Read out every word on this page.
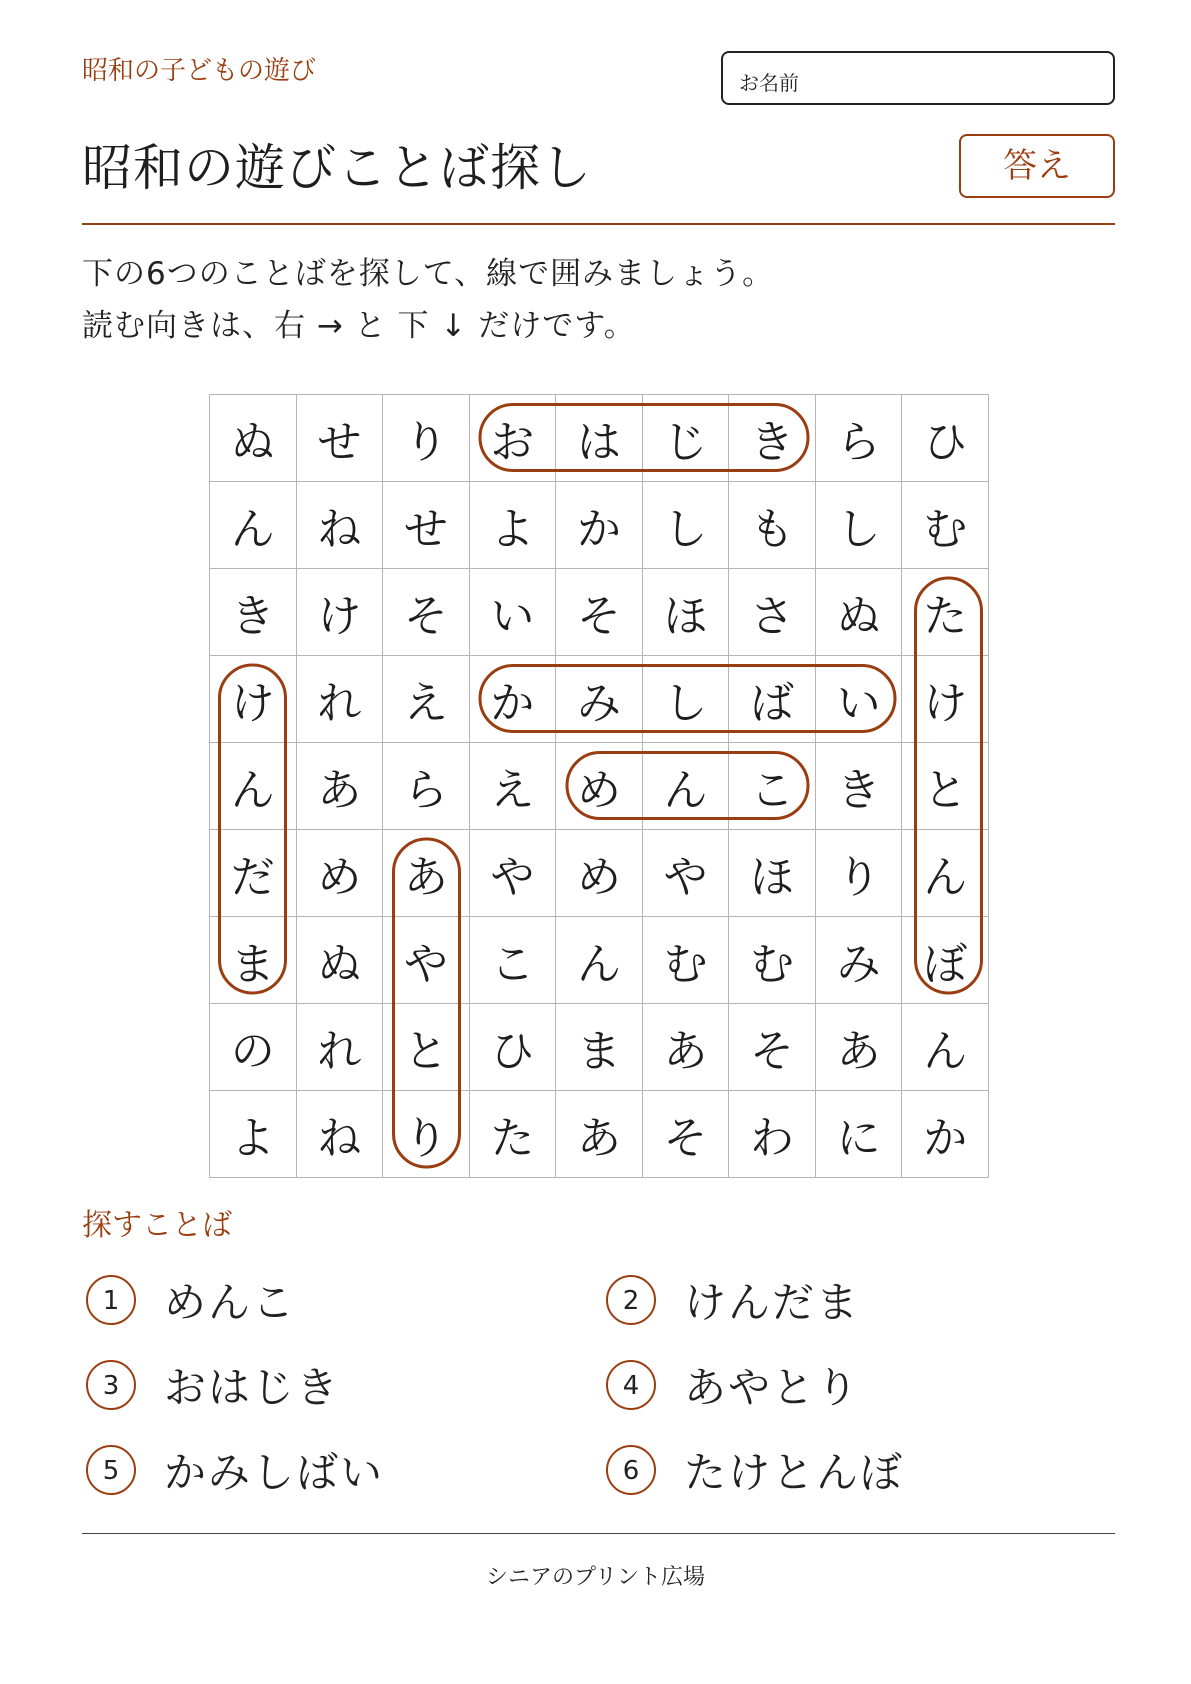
昭和の子どもの遊び	お名前
昭和の遊びことば探し	答え
下の6つのことばを探して、線で囲みましょう。
読む向きは、右 → と 下 ↓ だけです。
ぬ	せ	り	お	は	じ	き	ら	ひ
ん	ね	せ	よ	か	し	も	し	む
き	け	そ	い	そ	ほ	さ	ぬ	た
け	れ	え	か	み	し	ば	い	け
ん	あ	ら	え	め	ん	こ	き	と
だ	め	あ	や	め	や	ほ	り	ん
ま	ぬ	や	こ	ん	む	む	み	ぼ
の	れ	と	ひ	ま	あ	そ	あ	ん
よ	ね	り	た	あ	そ	わ	に	か
探すことば
1	めんこ	2	けんだま
3	おはじき	4	あやとり
5	かみしばい	6	たけとんぼ
シニアのプリント広場
